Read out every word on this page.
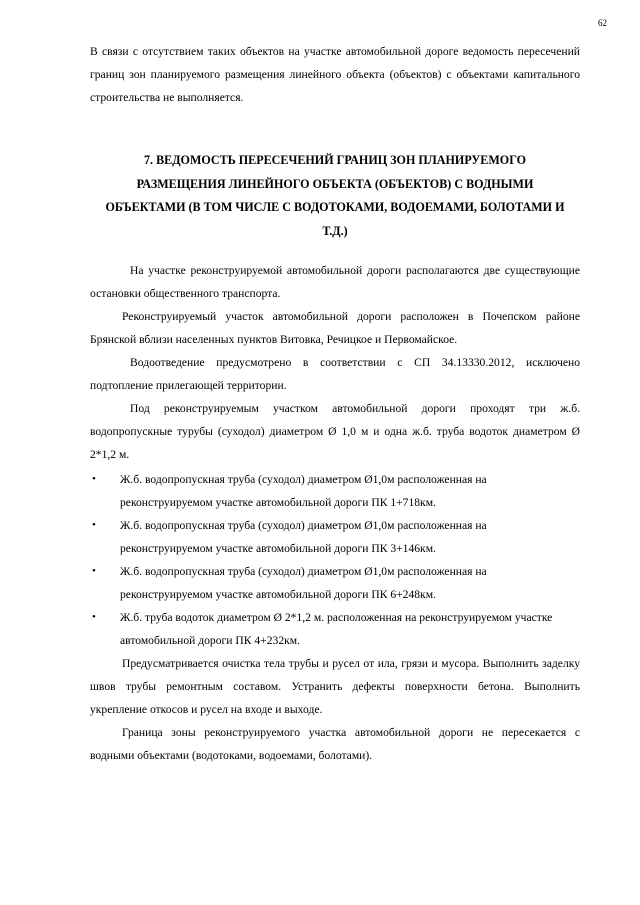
62

В связи с отсутствием таких объектов на участке автомобильной дороге ведомость пересечений границ зон планируемого размещения линейного объекта (объектов) с объектами капитального строительства не выполняется.

7. ВЕДОМОСТЬ ПЕРЕСЕЧЕНИЙ ГРАНИЦ ЗОН ПЛАНИРУЕМОГО РАЗМЕЩЕНИЯ ЛИНЕЙНОГО ОБЪЕКТА (ОБЪЕКТОВ) С ВОДНЫМИ ОБЪЕКТАМИ (В ТОМ ЧИСЛЕ С ВОДОТОКАМИ, ВОДОЕМАМИ, БОЛОТАМИ И Т.Д.)

На участке реконструируемой автомобильной дороги располагаются две существующие остановки общественного транспорта.

Реконструируемый участок автомобильной дороги расположен в Почепском районе Брянской вблизи населенных пунктов Витовка, Речицкое и Первомайское.

Водоотведение предусмотрено в соответствии с СП 34.13330.2012, исключено подтопление прилегающей территории.

Под реконструируемым участком автомобильной дороги проходят три ж.б. водопропускные турубы (суходол) диаметром Ø 1,0 м и одна ж.б. труба водоток диаметром Ø 2*1,2 м.

• Ж.б. водопропускная труба (суходол) диаметром Ø1,0м расположенная на реконструируемом участке автомобильной дороги ПК 1+718км.
• Ж.б. водопропускная труба (суходол) диаметром Ø1,0м расположенная на реконструируемом участке автомобильной дороги ПК 3+146км.
• Ж.б. водопропускная труба (суходол) диаметром Ø1,0м расположенная на реконструируемом участке автомобильной дороги ПК 6+248км.
• Ж.б. труба водоток диаметром Ø 2*1,2 м. расположенная на реконструируемом участке автомобильной дороги ПК 4+232км.

Предусматривается очистка тела трубы и русел от ила, грязи и мусора. Выполнить заделку швов трубы ремонтным составом. Устранить дефекты поверхности бетона. Выполнить укрепление откосов и русел на входе и выходе.

Граница зоны реконструируемого участка автомобильной дороги не пересекается с водными объектами (водотоками, водоемами, болотами).
